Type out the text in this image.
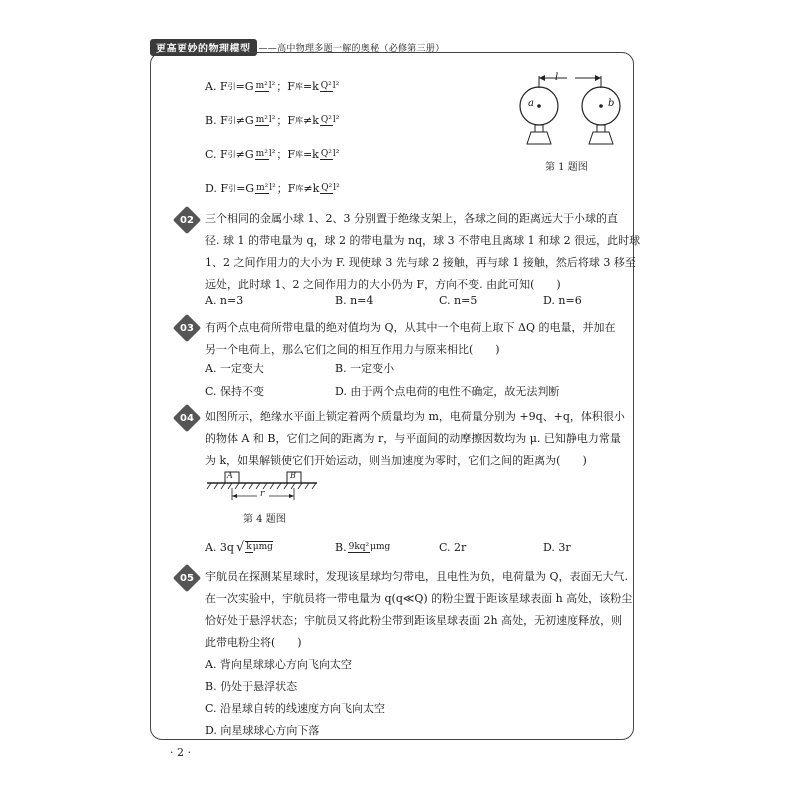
更高更妙的物理模型 ——高中物理多题一解的奥秘（必修第三册）
A. F 引 =G m²l² ；F 库 =k Q²l²
B. F 引 ≠G m²l² ；F 库 ≠k Q²l²
C. F 引 ≠G m²l² ；F 库 =k Q²l²
D. F 引 =G m²l² ；F 库 ≠k Q²l²
l
a	b
第 1 题图
02 三个相同的金属小球 1、2、3 分别置于绝缘支架上，各球之间的距离远大于小球的直
径. 球 1 的带电量为 q，球 2 的带电量为 nq，球 3 不带电且离球 1 和球 2 很远，此时球
1、2 之间作用力的大小为 F. 现使球 3 先与球 2 接触，再与球 1 接触，然后将球 3 移至
远处，此时球 1、2 之间作用力的大小仍为 F，方向不变. 由此可知(　　)
A. n=3	B. n=4	C. n=5	D. n=6
03 有两个点电荷所带电量的绝对值均为 Q，从其中一个电荷上取下 ΔQ 的电量，并加在
另一个电荷上，那么它们之间的相互作用力与原来相比(　　)
A. 一定变大	B. 一定变小
C. 保持不变	D. 由于两个点电荷的电性不确定，故无法判断
04 如图所示，绝缘水平面上锁定着两个质量均为 m，电荷量分别为 +9q、+q，体积很小
的物体 A 和 B，它们之间的距离为 r，与平面间的动摩擦因数均为 μ. 已知静电力常量
为 k，如果解锁使它们开始运动，则当加速度为零时，它们之间的距离为(　　)
A	B
r
第 4 题图
A. 3q √ kμmg	B. 9kq²μmg	C. 2r	D. 3r
05 宇航员在探测某星球时，发现该星球均匀带电，且电性为负，电荷量为 Q，表面无大气.
在一次实验中，宇航员将一带电量为 q(q≪Q) 的粉尘置于距该星球表面 h 高处，该粉尘
恰好处于悬浮状态；宇航员又将此粉尘带到距该星球表面 2h 高处，无初速度释放，则
此带电粉尘将(　　)
A. 背向星球球心方向飞向太空
B. 仍处于悬浮状态
C. 沿星球自转的线速度方向飞向太空
D. 向星球球心方向下落
· 2 ·
